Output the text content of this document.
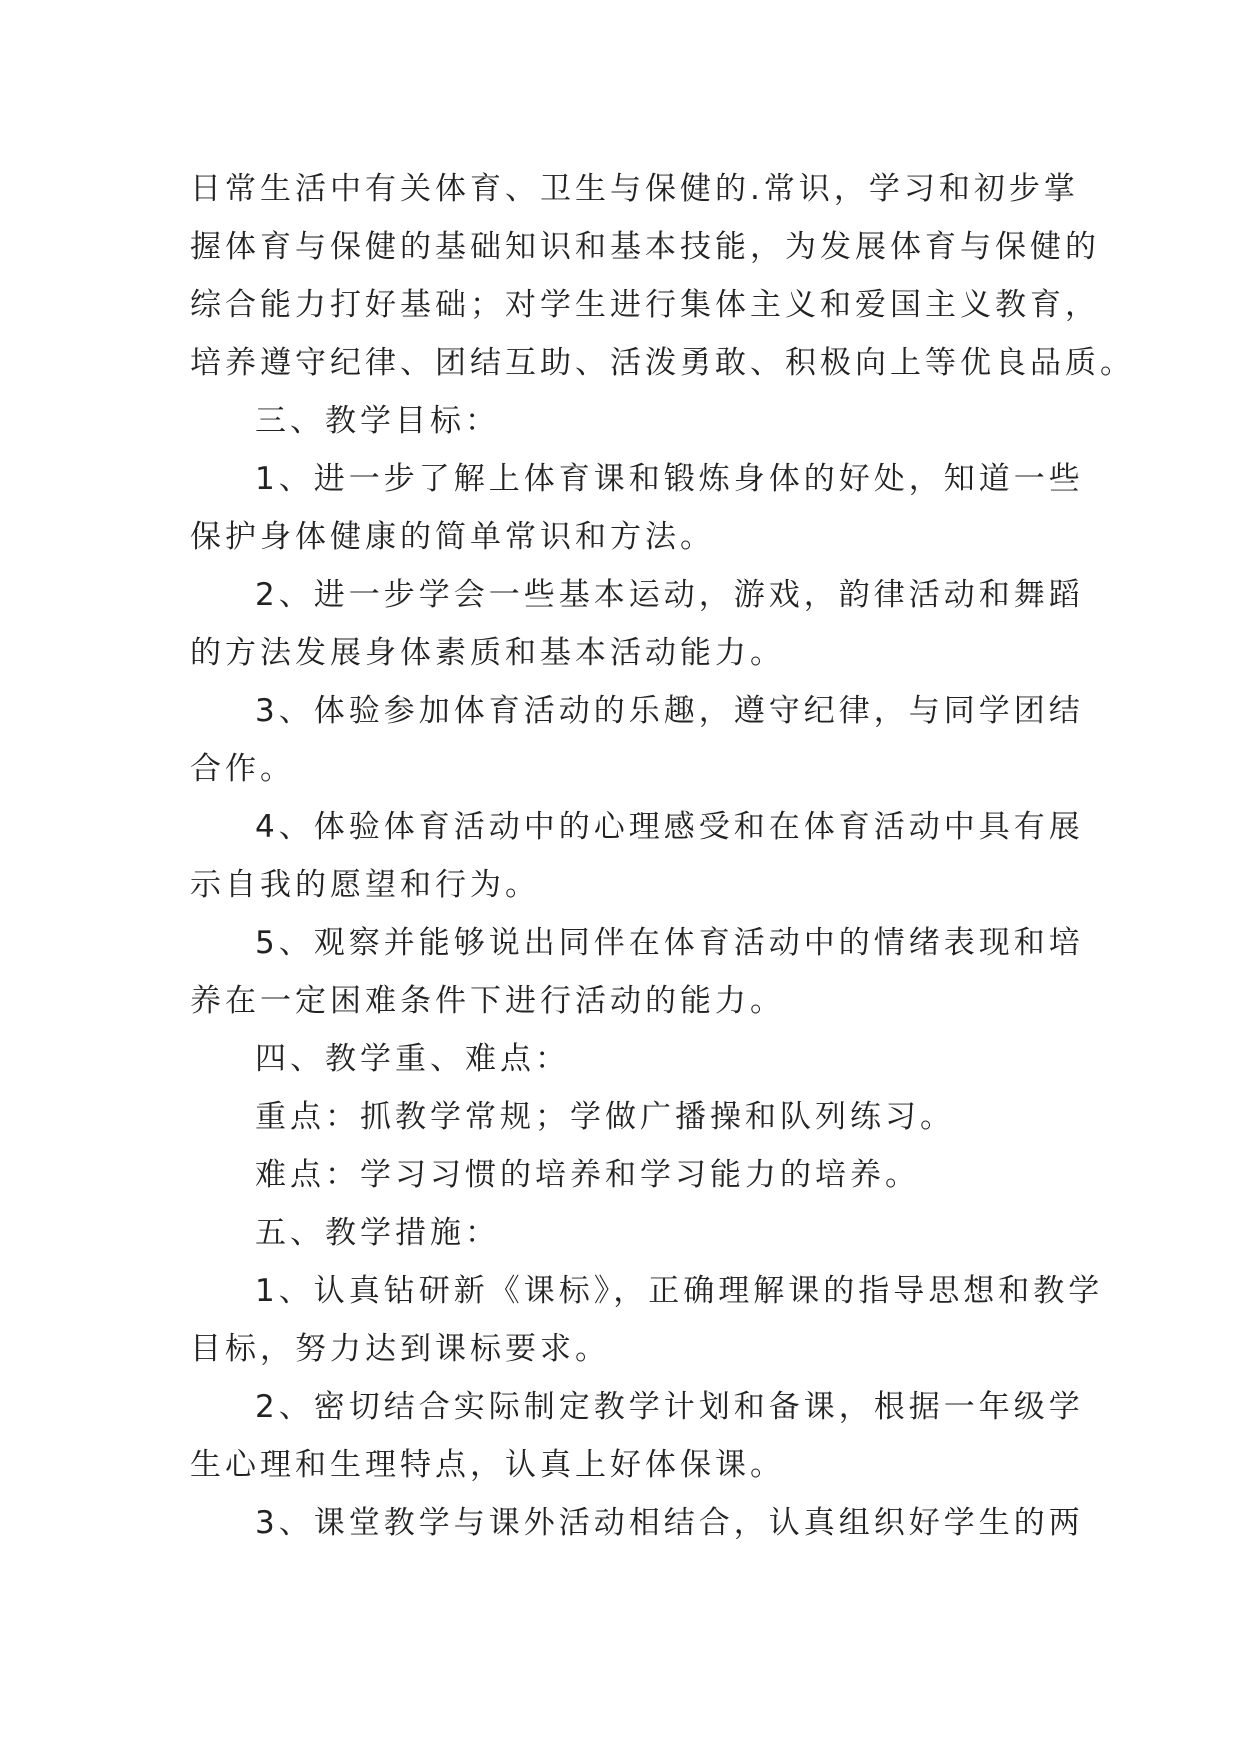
日常生活中有关体育、卫生与保健的.常识，学习和初步掌
握体育与保健的基础知识和基本技能，为发展体育与保健的
综合能力打好基础；对学生进行集体主义和爱国主义教育，
培养遵守纪律、团结互助、活泼勇敢、积极向上等优良品质。
三、教学目标：
1、进一步了解上体育课和锻炼身体的好处，知道一些
保护身体健康的简单常识和方法。
2、进一步学会一些基本运动，游戏，韵律活动和舞蹈
的方法发展身体素质和基本活动能力。
3、体验参加体育活动的乐趣，遵守纪律，与同学团结
合作。
4、体验体育活动中的心理感受和在体育活动中具有展
示自我的愿望和行为。
5、观察并能够说出同伴在体育活动中的情绪表现和培
养在一定困难条件下进行活动的能力。
四、教学重、难点：
重点：抓教学常规；学做广播操和队列练习。
难点：学习习惯的培养和学习能力的培养。
五、教学措施：
1、认真钻研新《课标》，正确理解课的指导思想和教学
目标，努力达到课标要求。
2、密切结合实际制定教学计划和备课，根据一年级学
生心理和生理特点，认真上好体保课。
3、课堂教学与课外活动相结合，认真组织好学生的两
